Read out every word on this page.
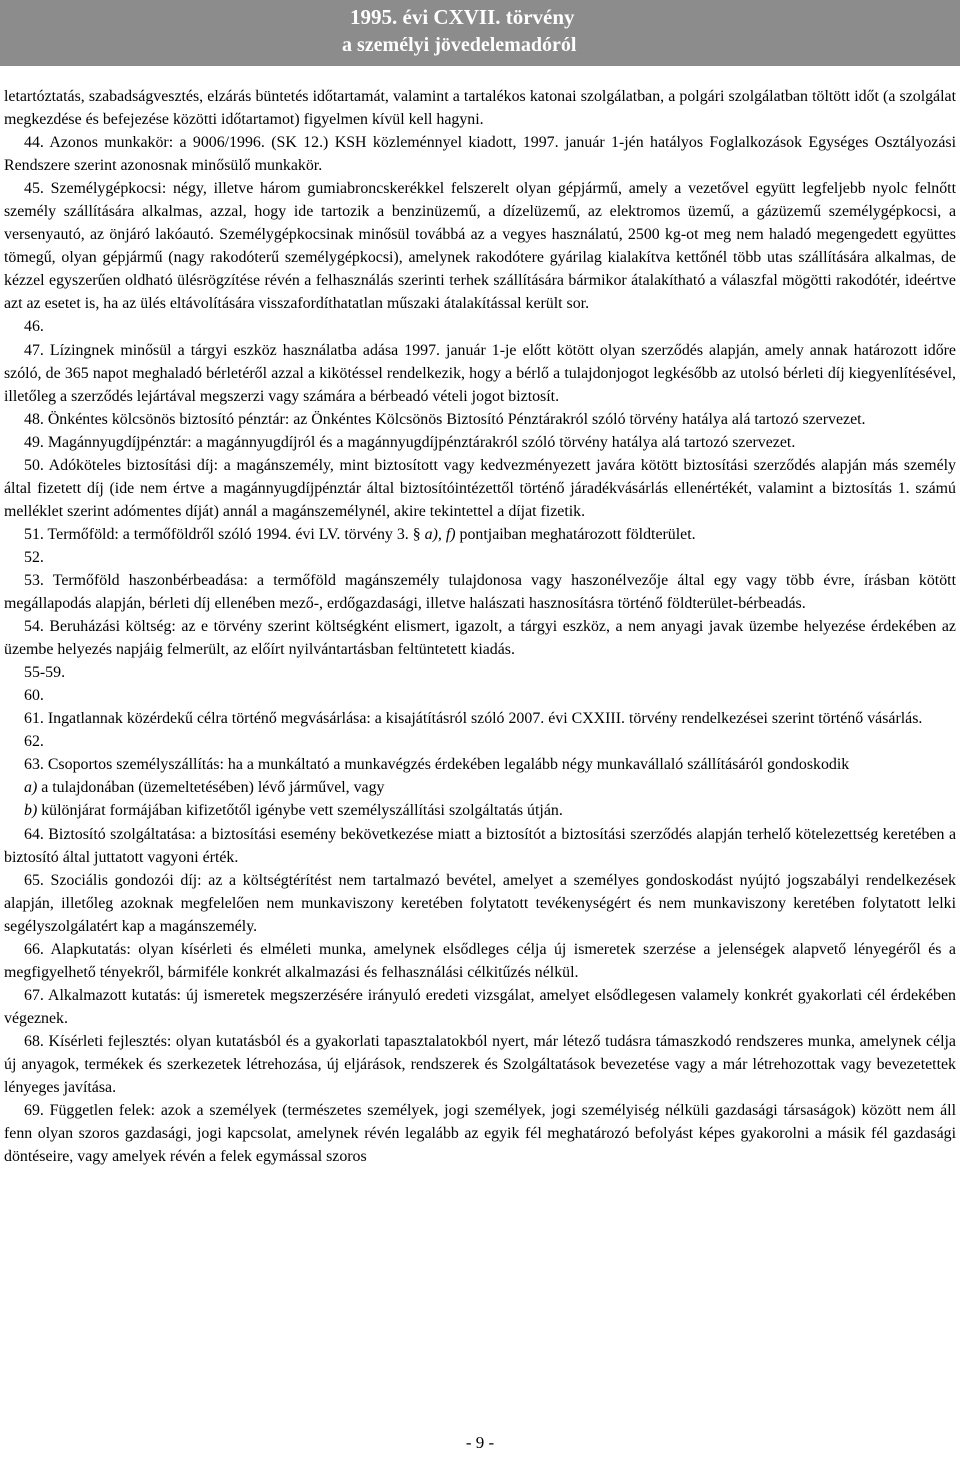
1995. évi CXVII. törvény
a személyi jövedelemadóról

letartóztatás, szabadságvesztés, elzárás büntetés időtartamát, valamint a tartalékos katonai szolgálatban, a polgári szolgálatban töltött időt (a szolgálat megkezdése és befejezése közötti időtartamot) figyelmen kívül kell hagyni.

44. Azonos munkakör: a 9006/1996. (SK 12.) KSH közleménnyel kiadott, 1997. január 1-jén hatályos Foglalkozások Egységes Osztályozási Rendszere szerint azonosnak minősülő munkakör.

45. Személygépkocsi: négy, illetve három gumiabroncskerékkel felszerelt olyan gépjármű, amely a vezetővel együtt legfeljebb nyolc felnőtt személy szállítására alkalmas, azzal, hogy ide tartozik a benzinüzemű, a dízelüzemű, az elektromos üzemű, a gázüzemű személygépkocsi, a versenyautó, az önjáró lakóautó. Személygépkocsinak minősül továbbá az a vegyes használatú, 2500 kg-ot meg nem haladó megengedett együttes tömegű, olyan gépjármű (nagy rakodóterű személygépkocsi), amelynek rakodótere gyárilag kialakítva kettőnél több utas szállítására alkalmas, de kézzel egyszerűen oldható ülésrögzítése révén a felhasználás szerinti terhek szállítására bármikor átalakítható a válaszfal mögötti rakodótér, ideértve azt az esetet is, ha az ülés eltávolítására visszafordíthatatlan műszaki átalakítással került sor.

46.

47. Lízingnek minősül a tárgyi eszköz használatba adása 1997. január 1-je előtt kötött olyan szerződés alapján, amely annak határozott időre szóló, de 365 napot meghaladó bérletéről azzal a kikötéssel rendelkezik, hogy a bérlő a tulajdonjogot legkésőbb az utolsó bérleti díj kiegyenlítésével, illetőleg a szerződés lejártával megszerzi vagy számára a bérbeadó vételi jogot biztosít.

48. Önkéntes kölcsönös biztosító pénztár: az Önkéntes Kölcsönös Biztosító Pénztárakról szóló törvény hatálya alá tartozó szervezet.

49. Magánnyugdíjpénztár: a magánnyugdíjról és a magánnyugdíjpénztárakról szóló törvény hatálya alá tartozó szervezet.

50. Adóköteles biztosítási díj: a magánszemély, mint biztosított vagy kedvezményezett javára kötött biztosítási szerződés alapján más személy által fizetett díj (ide nem értve a magánnyugdíjpénztár által biztosítóintézettől történő járadékvásárlás ellenértékét, valamint a biztosítás 1. számú melléklet szerint adómentes díját) annál a magánszemélynél, akire tekintettel a díjat fizetik.

51. Termőföld: a termőföldről szóló 1994. évi LV. törvény 3. § a), f) pontjaiban meghatározott földterület.

52.

53. Termőföld haszonbérbeadása: a termőföld magánszemély tulajdonosa vagy haszonélvezője által egy vagy több évre, írásban kötött megállapodás alapján, bérleti díj ellenében mező-, erdőgazdasági, illetve halászati hasznosításra történő földterület-bérbeadás.

54. Beruházási költség: az e törvény szerint költségként elismert, igazolt, a tárgyi eszköz, a nem anyagi javak üzembe helyezése érdekében az üzembe helyezés napjáig felmerült, az előírt nyilvántartásban feltüntetett kiadás.

55-59.

60.

61. Ingatlannak közérdekű célra történő megvásárlása: a kisajátításról szóló 2007. évi CXXIII. törvény rendelkezései szerint történő vásárlás.

62.

63. Csoportos személyszállítás: ha a munkáltató a munkavégzés érdekében legalább négy munkavállaló szállításáról gondoskodik

a) a tulajdonában (üzemeltetésében) lévő járművel, vagy

b) különjárat formájában kifizetőtől igénybe vett személyszállítási szolgáltatás útján.

64. Biztosító szolgáltatása: a biztosítási esemény bekövetkezése miatt a biztosítót a biztosítási szerződés alapján terhelő kötelezettség keretében a biztosító által juttatott vagyoni érték.

65. Szociális gondozói díj: az a költségtérítést nem tartalmazó bevétel, amelyet a személyes gondoskodást nyújtó jogszabályi rendelkezések alapján, illetőleg azoknak megfelelően nem munkaviszony keretében folytatott tevékenységért és nem munkaviszony keretében folytatott lelki segélyszolgálatért kap a magánszemély.

66. Alapkutatás: olyan kísérleti és elméleti munka, amelynek elsődleges célja új ismeretek szerzése a jelenségek alapvető lényegéről és a megfigyelhető tényekről, bármiféle konkrét alkalmazási és felhasználási célkitűzés nélkül.

67. Alkalmazott kutatás: új ismeretek megszerzésére irányuló eredeti vizsgálat, amelyet elsődlegesen valamely konkrét gyakorlati cél érdekében végeznek.

68. Kísérleti fejlesztés: olyan kutatásból és a gyakorlati tapasztalatokból nyert, már létező tudásra támaszkodó rendszeres munka, amelynek célja új anyagok, termékek és szerkezetek létrehozása, új eljárások, rendszerek és Szolgáltatások bevezetése vagy a már létrehozottak vagy bevezetettek lényeges javítása.

69. Független felek: azok a személyek (természetes személyek, jogi személyek, jogi személyiség nélküli gazdasági társaságok) között nem áll fenn olyan szoros gazdasági, jogi kapcsolat, amelynek révén legalább az egyik fél meghatározó befolyást képes gyakorolni a másik fél gazdasági döntéseire, vagy amelyek révén a felek egymással szoros

- 9 -
